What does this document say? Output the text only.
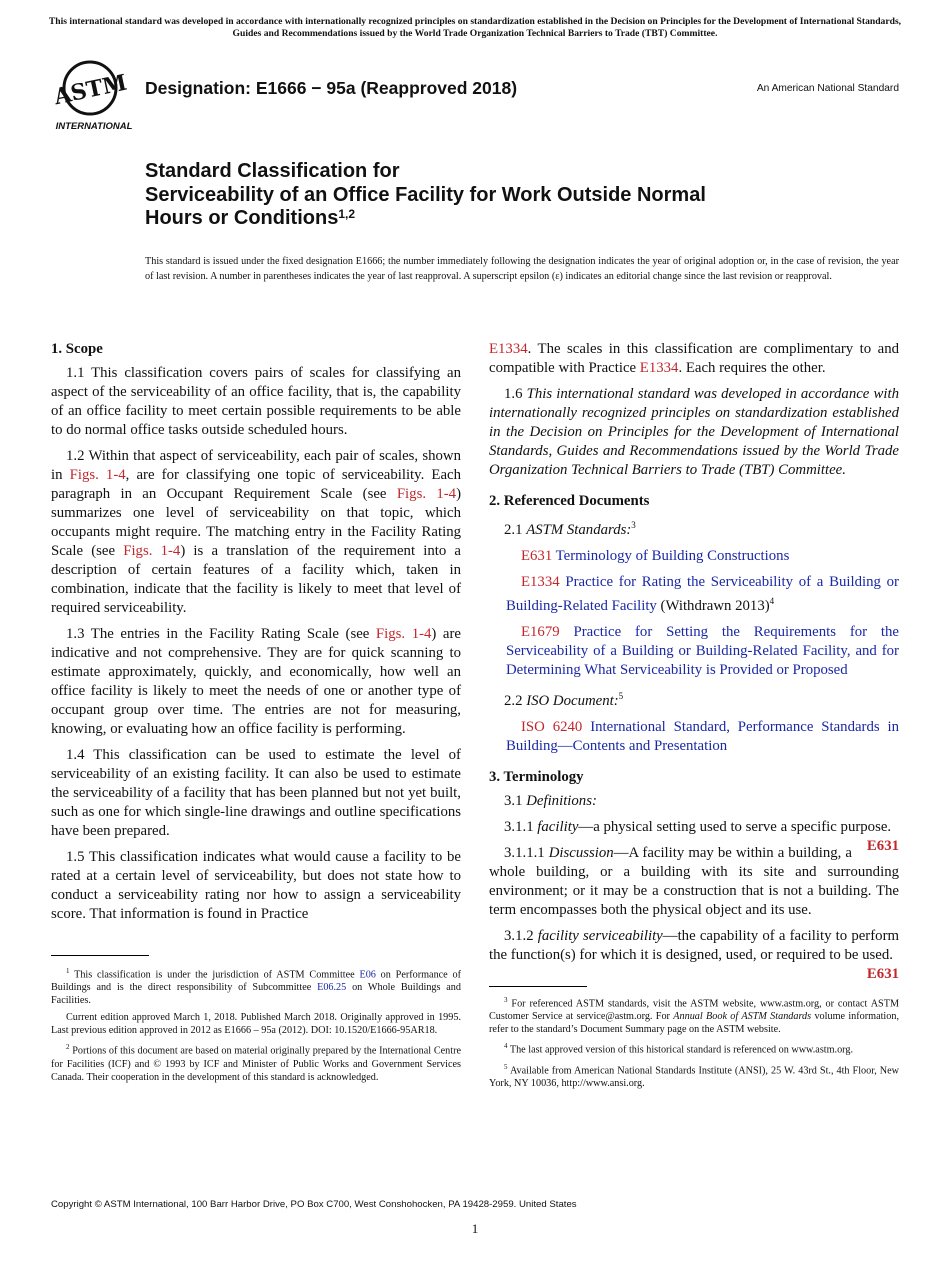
This international standard was developed in accordance with internationally recognized principles on standardization established in the Decision on Principles for the Development of International Standards, Guides and Recommendations issued by the World Trade Organization Technical Barriers to Trade (TBT) Committee.
ASTM
INTERNATIONAL
Designation: E1666 − 95a (Reapproved 2018)	An American National Standard
Standard Classification for
Serviceability of an Office Facility for Work Outside Normal
Hours or Conditions$^{1,2}$
This standard is issued under the fixed designation E1666; the number immediately following the designation indicates the year of original adoption or, in the case of revision, the year of last revision. A number in parentheses indicates the year of last reapproval. A superscript epsilon (ε) indicates an editorial change since the last revision or reapproval.
1. Scope

1.1 This classification covers pairs of scales for classifying an aspect of the serviceability of an office facility, that is, the capability of an office facility to meet certain possible requirements to be able to do normal office tasks outside scheduled hours.

1.2 Within that aspect of serviceability, each pair of scales, shown in Figs. 1-4, are for classifying one topic of serviceability. Each paragraph in an Occupant Requirement Scale (see Figs. 1-4) summarizes one level of serviceability on that topic, which occupants might require. The matching entry in the Facility Rating Scale (see Figs. 1-4) is a translation of the requirement into a description of certain features of a facility which, taken in combination, indicate that the facility is likely to meet that level of required serviceability.

1.3 The entries in the Facility Rating Scale (see Figs. 1-4) are indicative and not comprehensive. They are for quick scanning to estimate approximately, quickly, and economically, how well an office facility is likely to meet the needs of one or another type of occupant group over time. The entries are not for measuring, knowing, or evaluating how an office facility is performing.

1.4 This classification can be used to estimate the level of serviceability of an existing facility. It can also be used to estimate the serviceability of a facility that has been planned but not yet built, such as one for which single-line drawings and outline specifications have been prepared.

1.5 This classification indicates what would cause a facility to be rated at a certain level of serviceability, but does not state how to conduct a serviceability rating nor how to assign a serviceability score. That information is found in Practice

E1334. The scales in this classification are complimentary to and compatible with Practice E1334. Each requires the other.

1.6 This international standard was developed in accordance with internationally recognized principles on standardization established in the Decision on Principles for the Development of International Standards, Guides and Recommendations issued by the World Trade Organization Technical Barriers to Trade (TBT) Committee.

2. Referenced Documents

2.1 ASTM Standards:$^3$

E631 Terminology of Building Constructions

E1334 Practice for Rating the Serviceability of a Building or Building-Related Facility (Withdrawn 2013)$^4$

E1679 Practice for Setting the Requirements for the Serviceability of a Building or Building-Related Facility, and for Determining What Serviceability is Provided or Proposed

2.2 ISO Document:$^5$

ISO 6240 International Standard, Performance Standards in Building—Contents and Presentation

3. Terminology

3.1 Definitions:

3.1.1 facility—a physical setting used to serve a specific purpose.
E631

3.1.1.1 Discussion—A facility may be within a building, a whole building, or a building with its site and surrounding environment; or it may be a construction that is not a building. The term encompasses both the physical object and its use.

3.1.2 facility serviceability—the capability of a facility to perform the function(s) for which it is designed, used, or required to be used.
E631

$^1$ This classification is under the jurisdiction of ASTM Committee E06 on Performance of Buildings and is the direct responsibility of Subcommittee E06.25 on Whole Buildings and Facilities.

Current edition approved March 1, 2018. Published March 2018. Originally approved in 1995. Last previous edition approved in 2012 as E1666 – 95a (2012). DOI: 10.1520/E1666-95AR18.

$^2$ Portions of this document are based on material originally prepared by the International Centre for Facilities (ICF) and © 1993 by ICF and Minister of Public Works and Government Services Canada. Their cooperation in the development of this standard is acknowledged.

$^3$ For referenced ASTM standards, visit the ASTM website, www.astm.org, or contact ASTM Customer Service at service@astm.org. For Annual Book of ASTM Standards volume information, refer to the standard’s Document Summary page on the ASTM website.

$^4$ The last approved version of this historical standard is referenced on www.astm.org.

$^5$ Available from American National Standards Institute (ANSI), 25 W. 43rd St., 4th Floor, New York, NY 10036, http://www.ansi.org.

Copyright © ASTM International, 100 Barr Harbor Drive, PO Box C700, West Conshohocken, PA 19428-2959. United States
1
